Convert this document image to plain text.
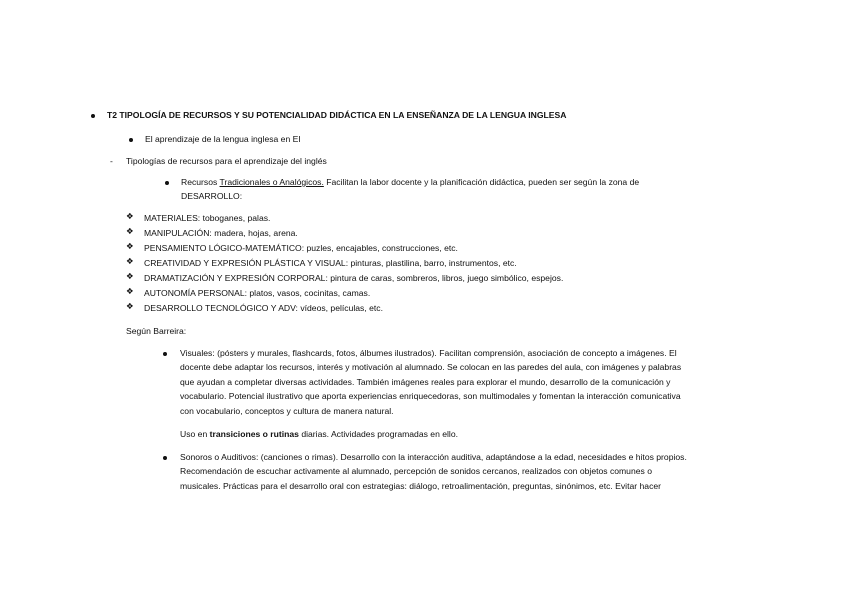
T2 TIPOLOGÍA DE RECURSOS Y SU POTENCIALIDAD DIDÁCTICA EN LA ENSEÑANZA DE LA LENGUA INGLESA
El aprendizaje de la lengua inglesa en EI
- Tipologías de recursos para el aprendizaje del inglés
Recursos Tradicionales o Analógicos. Facilitan la labor docente y la planificación didáctica, pueden ser según la zona de
DESARROLLO:
❖ MATERIALES: toboganes, palas.
❖ MANIPULACIÓN: madera, hojas, arena.
❖ PENSAMIENTO LÓGICO-MATEMÁTICO: puzles, encajables, construcciones, etc.
❖ CREATIVIDAD Y EXPRESIÓN PLÁSTICA Y VISUAL: pinturas, plastilina, barro, instrumentos, etc.
❖ DRAMATIZACIÓN Y EXPRESIÓN CORPORAL: pintura de caras, sombreros, libros, juego simbólico, espejos.
❖ AUTONOMÍA PERSONAL: platos, vasos, cocinitas, camas.
❖ DESARROLLO TECNOLÓGICO Y ADV: vídeos, películas, etc.
Según Barreira:
Visuales: (pósters y murales, flashcards, fotos, álbumes ilustrados). Facilitan comprensión, asociación de concepto a imágenes. El
docente debe adaptar los recursos, interés y motivación al alumnado. Se colocan en las paredes del aula, con imágenes y palabras
que ayudan a completar diversas actividades. También imágenes reales para explorar el mundo, desarrollo de la comunicación y
vocabulario. Potencial ilustrativo que aporta experiencias enriquecedoras, son multimodales y fomentan la interacción comunicativa
con vocabulario, conceptos y cultura de manera natural.
Uso en transiciones o rutinas diarias. Actividades programadas en ello.
Sonoros o Auditivos: (canciones o rimas). Desarrollo con la interacción auditiva, adaptándose a la edad, necesidades e hitos propios.
Recomendación de escuchar activamente al alumnado, percepción de sonidos cercanos, realizados con objetos comunes o
musicales. Prácticas para el desarrollo oral con estrategias: diálogo, retroalimentación, preguntas, sinónimos, etc. Evitar hacer
